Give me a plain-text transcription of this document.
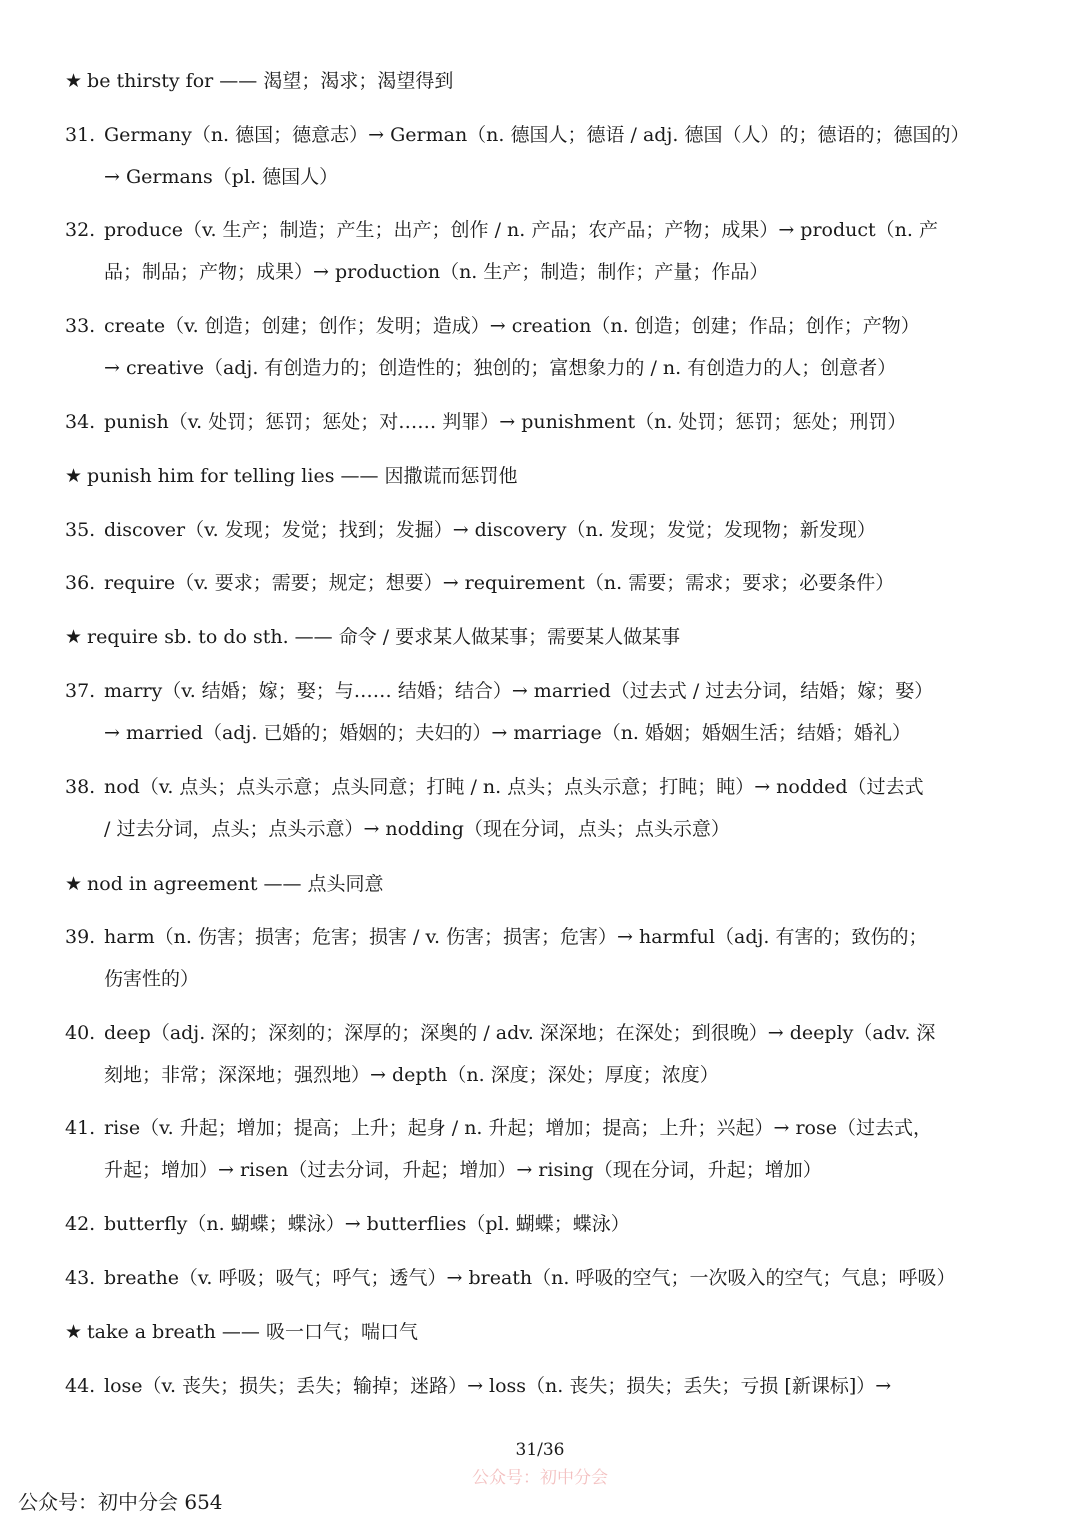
★ be thirsty for —— 渴望；渴求；渴望得到
31. Germany（n. 德国；德意志）→ German（n. 德国人；德语 / adj. 德国（人）的；德语的；德国的）
→ Germans（pl. 德国人）
32. produce（v. 生产；制造；产生；出产；创作 / n. 产品；农产品；产物；成果）→ product（n. 产
品；制品；产物；成果）→ production（n. 生产；制造；制作；产量；作品）
33. create（v. 创造；创建；创作；发明；造成）→ creation（n. 创造；创建；作品；创作；产物）
→ creative（adj. 有创造力的；创造性的；独创的；富想象力的 / n. 有创造力的人；创意者）
34. punish（v. 处罚；惩罚；惩处；对…… 判罪）→ punishment（n. 处罚；惩罚；惩处；刑罚）
★ punish him for telling lies —— 因撒谎而惩罚他
35. discover（v. 发现；发觉；找到；发掘）→ discovery（n. 发现；发觉；发现物；新发现）
36. require（v. 要求；需要；规定；想要）→ requirement（n. 需要；需求；要求；必要条件）
★ require sb. to do sth. —— 命令 / 要求某人做某事；需要某人做某事
37. marry（v. 结婚；嫁；娶；与…… 结婚；结合）→ married（过去式 / 过去分词，结婚；嫁；娶）
→ married（adj. 已婚的；婚姻的；夫妇的）→ marriage（n. 婚姻；婚姻生活；结婚；婚礼）
38. nod（v. 点头；点头示意；点头同意；打盹 / n. 点头；点头示意；打盹；盹）→ nodded（过去式
/ 过去分词，点头；点头示意）→ nodding（现在分词，点头；点头示意）
★ nod in agreement —— 点头同意
39. harm（n. 伤害；损害；危害；损害 / v. 伤害；损害；危害）→ harmful（adj. 有害的；致伤的；
伤害性的）
40. deep（adj. 深的；深刻的；深厚的；深奥的 / adv. 深深地；在深处；到很晚）→ deeply（adv. 深
刻地；非常；深深地；强烈地）→ depth（n. 深度；深处；厚度；浓度）
41. rise（v. 升起；增加；提高；上升；起身 / n. 升起；增加；提高；上升；兴起）→ rose（过去式，
升起；增加）→ risen（过去分词，升起；增加）→ rising（现在分词，升起；增加）
42. butterfly（n. 蝴蝶；蝶泳）→ butterflies（pl. 蝴蝶；蝶泳）
43. breathe（v. 呼吸；吸气；呼气；透气）→ breath（n. 呼吸的空气；一次吸入的空气；气息；呼吸）
★ take a breath —— 吸一口气；喘口气
44. lose（v. 丧失；损失；丢失；输掉；迷路）→ loss（n. 丧失；损失；丢失；亏损 [新课标]）→
31/36
公众号：初中分会
公众号：初中分会 654
